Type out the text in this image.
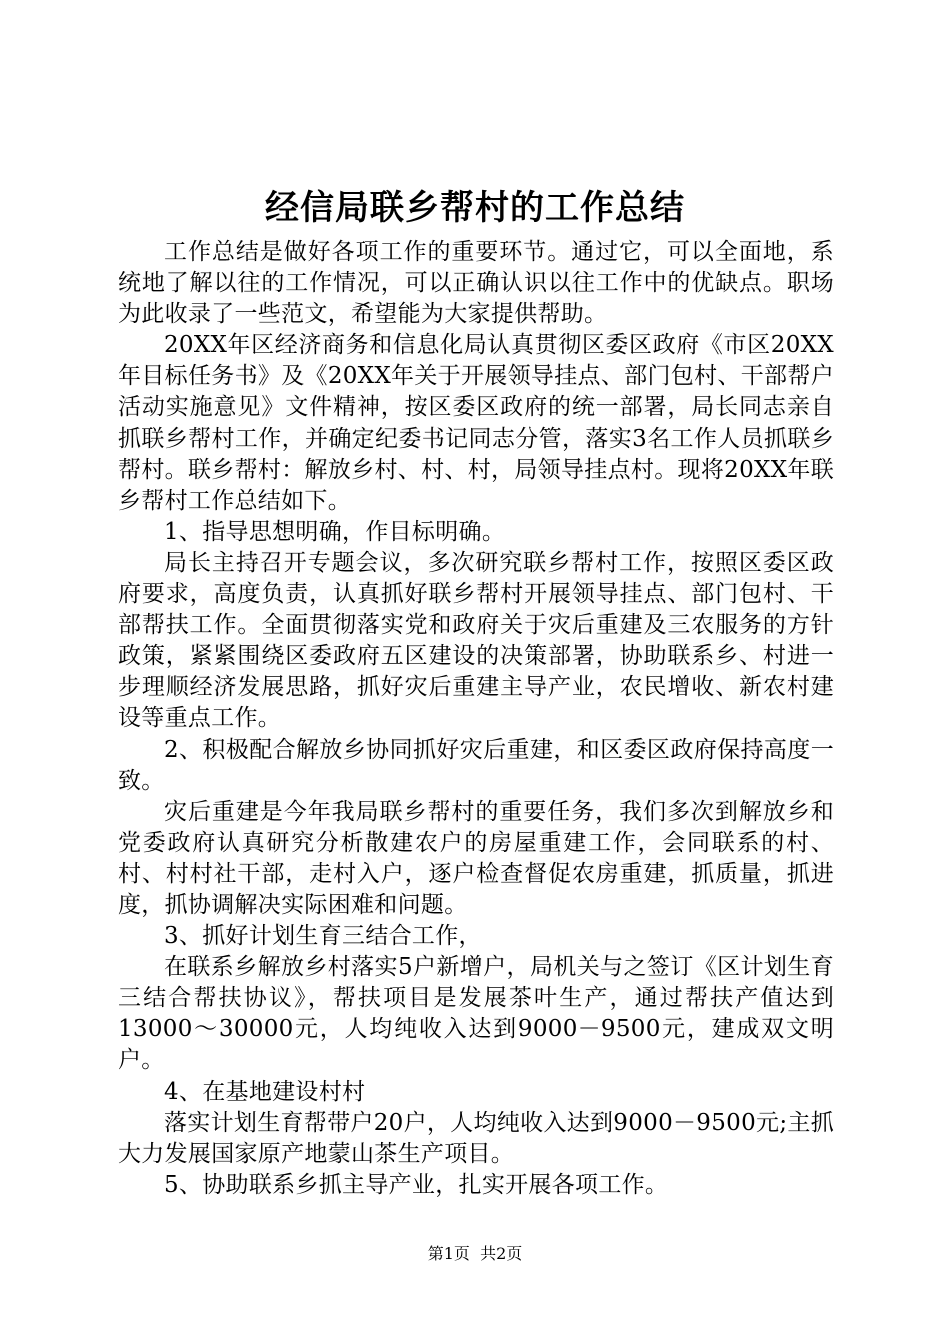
经信局联乡帮村的工作总结

工作总结是做好各项工作的重要环节。通过它，可以全面地，系统地了解以往的工作情况，可以正确认识以往工作中的优缺点。职场为此收录了一些范文，希望能为大家提供帮助。

20XX年区经济商务和信息化局认真贯彻区委区政府《市区20XX年目标任务书》及《20XX年关于开展领导挂点、部门包村、干部帮户活动实施意见》文件精神，按区委区政府的统一部署，局长同志亲自抓联乡帮村工作，并确定纪委书记同志分管，落实3名工作人员抓联乡帮村。联乡帮村：解放乡村、村、村，局领导挂点村。现将20XX年联乡帮村工作总结如下。

1、指导思想明确，作目标明确。

局长主持召开专题会议，多次研究联乡帮村工作，按照区委区政府要求，高度负责，认真抓好联乡帮村开展领导挂点、部门包村、干部帮扶工作。全面贯彻落实党和政府关于灾后重建及三农服务的方针政策，紧紧围绕区委政府五区建设的决策部署，协助联系乡、村进一步理顺经济发展思路，抓好灾后重建主导产业，农民增收、新农村建设等重点工作。

2、积极配合解放乡协同抓好灾后重建，和区委区政府保持高度一致。

灾后重建是今年我局联乡帮村的重要任务，我们多次到解放乡和党委政府认真研究分析散建农户的房屋重建工作，会同联系的村、村、村村社干部，走村入户，逐户检查督促农房重建，抓质量，抓进度，抓协调解决实际困难和问题。

3、抓好计划生育三结合工作，

在联系乡解放乡村落实5户新增户，局机关与之签订《区计划生育三结合帮扶协议》，帮扶项目是发展茶叶生产，通过帮扶产值达到13000～30000元，人均纯收入达到9000－9500元，建成双文明户。

4、在基地建设村村

落实计划生育帮带户20户，人均纯收入达到9000－9500元;主抓大力发展国家原产地蒙山茶生产项目。

5、协助联系乡抓主导产业，扎实开展各项工作。

第1页  共2页
